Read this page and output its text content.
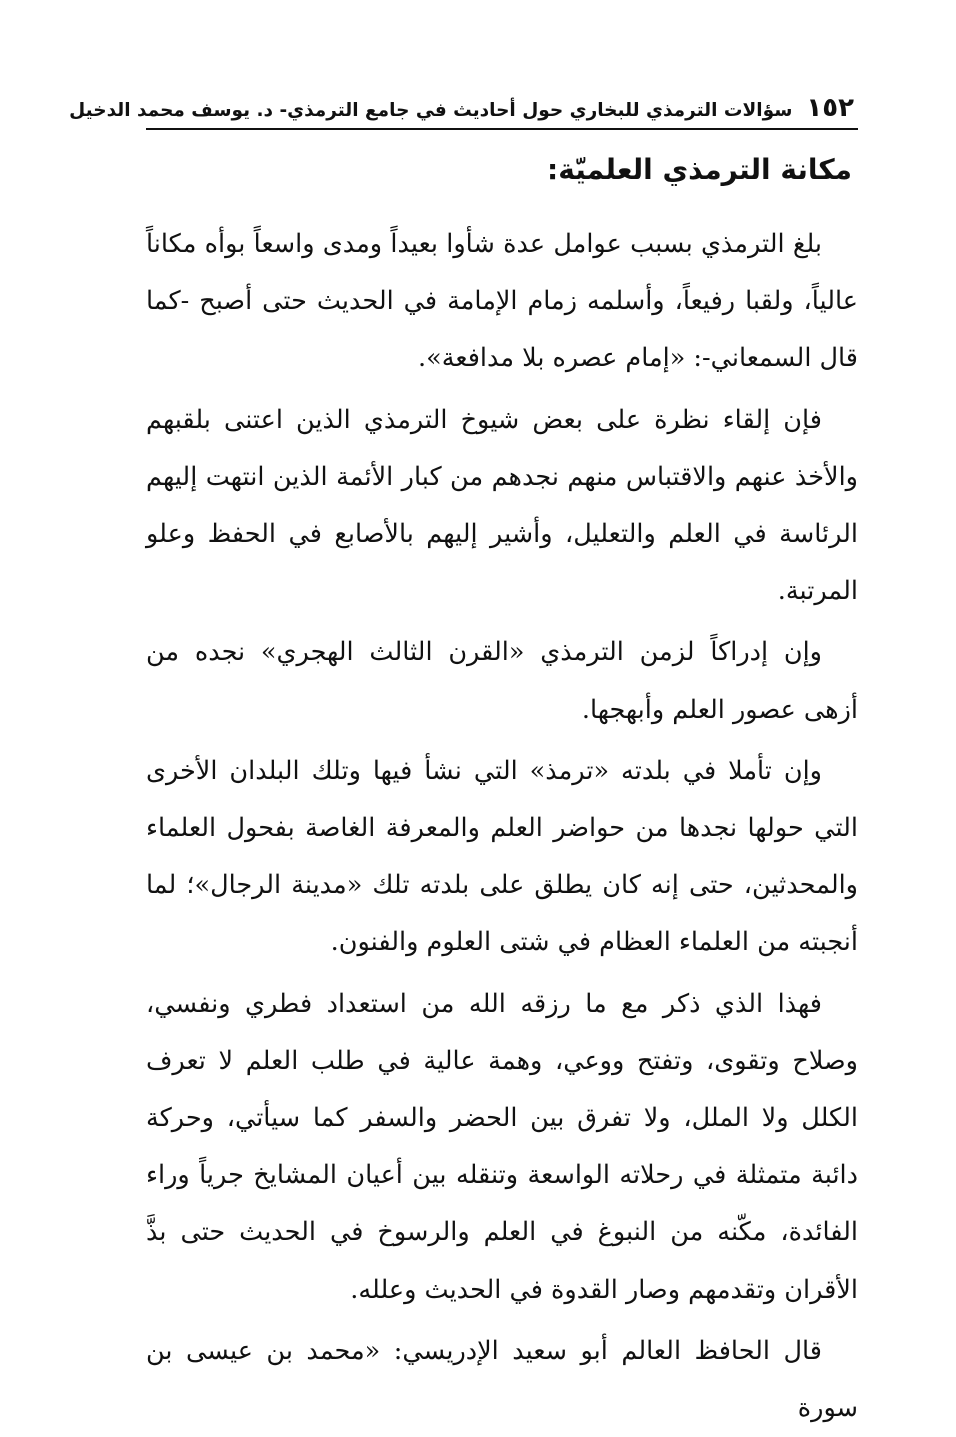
١٥٢
سؤالات الترمذي للبخاري حول أحاديث في جامع الترمذي- د. يوسف محمد الدخيل
مكانة الترمذي العلميّة:

بلغ الترمذي بسبب عوامل عدة شأوا بعيداً ومدى واسعاً بوأه مكاناً عالياً، ولقبا رفيعاً، وأسلمه زمام الإمامة في الحديث حتى أصبح -كما قال السمعاني-: «إمام عصره بلا مدافعة».

فإن إلقاء نظرة على بعض شيوخ الترمذي الذين اعتنى بلقبهم والأخذ عنهم والاقتباس منهم نجدهم من كبار الأئمة الذين انتهت إليهم الرئاسة في العلم والتعليل، وأشير إليهم بالأصابع في الحفظ وعلو المرتبة.

وإن إدراكاً لزمن الترمذي «القرن الثالث الهجري» نجده من أزهى عصور العلم وأبهجها.

وإن تأملا في بلدته «ترمذ» التي نشأ فيها وتلك البلدان الأخرى التي حولها نجدها من حواضر العلم والمعرفة الغاصة بفحول العلماء والمحدثين، حتى إنه كان يطلق على بلدته تلك «مدينة الرجال»؛ لما أنجبته من العلماء العظام في شتى العلوم والفنون.

فهذا الذي ذكر مع ما رزقه الله من استعداد فطري ونفسي، وصلاح وتقوى، وتفتح ووعي، وهمة عالية في طلب العلم لا تعرف الكلل ولا الملل، ولا تفرق بين الحضر والسفر كما سيأتي، وحركة دائبة متمثلة في رحلاته الواسعة وتنقله بين أعيان المشايخ جرياً وراء الفائدة، مكّنه من النبوغ في العلم والرسوخ في الحديث حتى بذَّ الأقران وتقدمهم وصار القدوة في الحديث وعلله.

قال الحافظ العالم أبو سعيد الإدريسي: «محمد بن عيسى بن سورة
